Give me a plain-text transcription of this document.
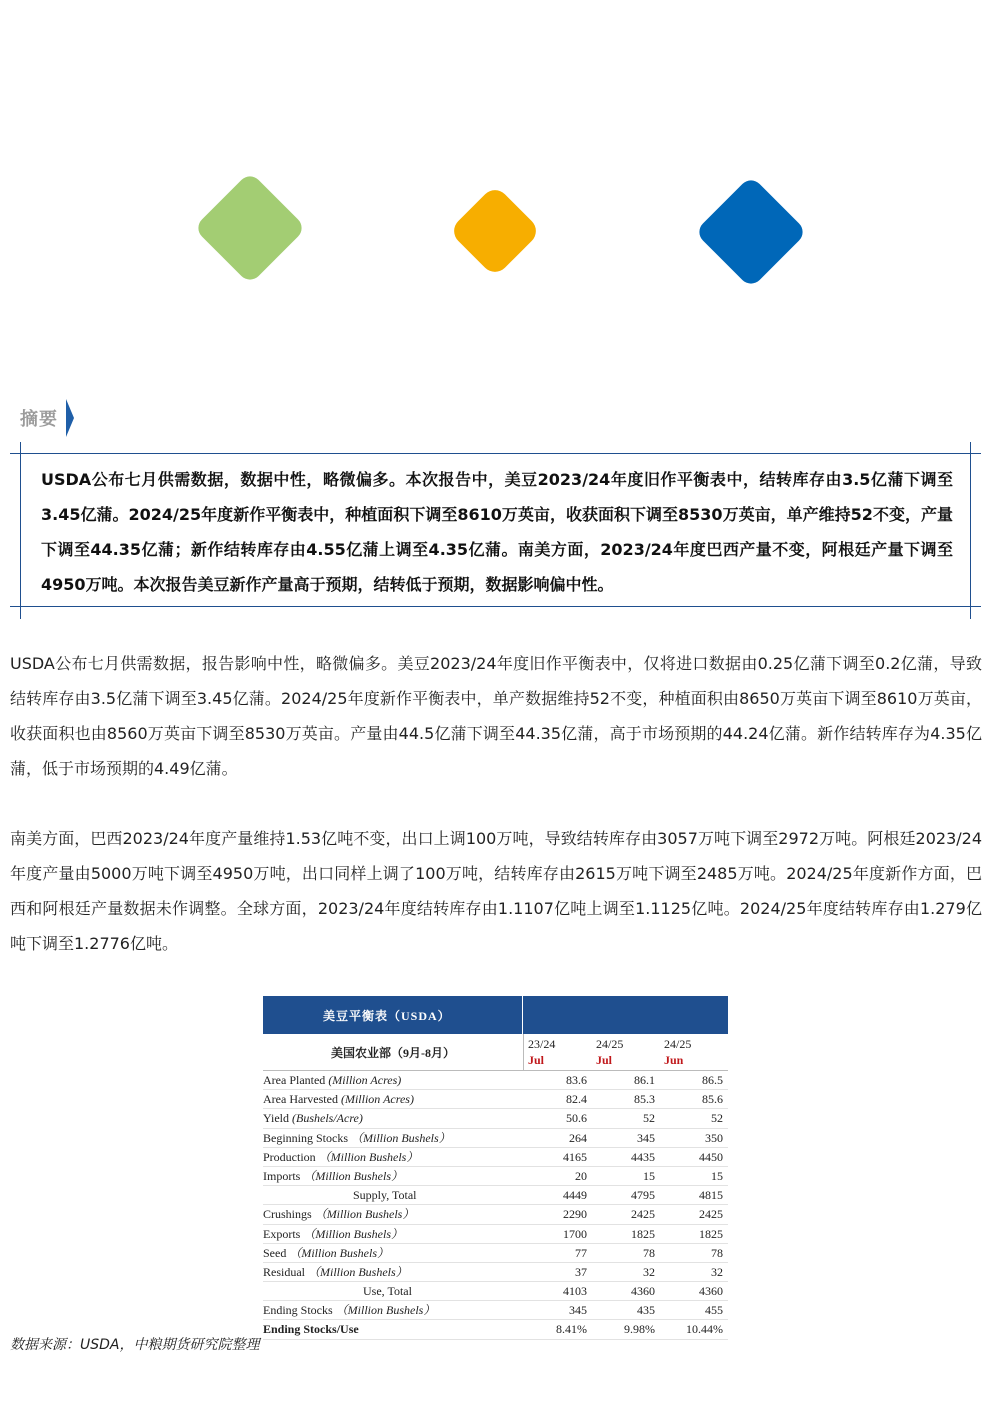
摘要
USDA公布七月供需数据，数据中性，略微偏多。本次报告中，美豆2023/24年度旧作平衡表中，结转库存由3.5亿蒲下调至3.45亿蒲。2024/25年度新作平衡表中，种植面积下调至8610万英亩，收获面积下调至8530万英亩，单产维持52不变，产量下调至44.35亿蒲；新作结转库存由4.55亿蒲上调至4.35亿蒲。南美方面，2023/24年度巴西产量不变，阿根廷产量下调至4950万吨。本次报告美豆新作产量高于预期，结转低于预期，数据影响偏中性。
USDA公布七月供需数据，报告影响中性，略微偏多。美豆2023/24年度旧作平衡表中，仅将进口数据由0.25亿蒲下调至0.2亿蒲，导致结转库存由3.5亿蒲下调至3.45亿蒲。2024/25年度新作平衡表中，单产数据维持52不变，种植面积由8650万英亩下调至8610万英亩，收获面积也由8560万英亩下调至8530万英亩。产量由44.5亿蒲下调至44.35亿蒲，高于市场预期的44.24亿蒲。新作结转库存为4.35亿蒲，低于市场预期的4.49亿蒲。
南美方面，巴西2023/24年度产量维持1.53亿吨不变，出口上调100万吨，导致结转库存由3057万吨下调至2972万吨。阿根廷2023/24年度产量由5000万吨下调至4950万吨，出口同样上调了100万吨，结转库存由2615万吨下调至2485万吨。2024/25年度新作方面，巴西和阿根廷产量数据未作调整。全球方面，2023/24年度结转库存由1.1107亿吨上调至1.1125亿吨。2024/25年度结转库存由1.279亿吨下调至1.2776亿吨。
美豆平衡表（USDA）
美国农业部（9月-8月）
23/24
Jul
24/25
Jul
24/25
Jun
Area Planted (Million Acres)	83.6	86.1	86.5
Area Harvested (Million Acres)	82.4	85.3	85.6
Yield (Bushels/Acre)	50.6	52	52
Beginning Stocks （Million Bushels）	264	345	350
Production （Million Bushels）	4165	4435	4450
Imports （Million Bushels）	20	15	15
Supply, Total	4449	4795	4815
Crushings （Million Bushels）	2290	2425	2425
Exports （Million Bushels）	1700	1825	1825
Seed （Million Bushels）	77	78	78
Residual （Million Bushels）	37	32	32
Use, Total	4103	4360	4360
Ending Stocks （Million Bushels）	345	435	455
Ending Stocks/Use	8.41%	9.98%	10.44%
数据来源：USDA，中粮期货研究院整理
